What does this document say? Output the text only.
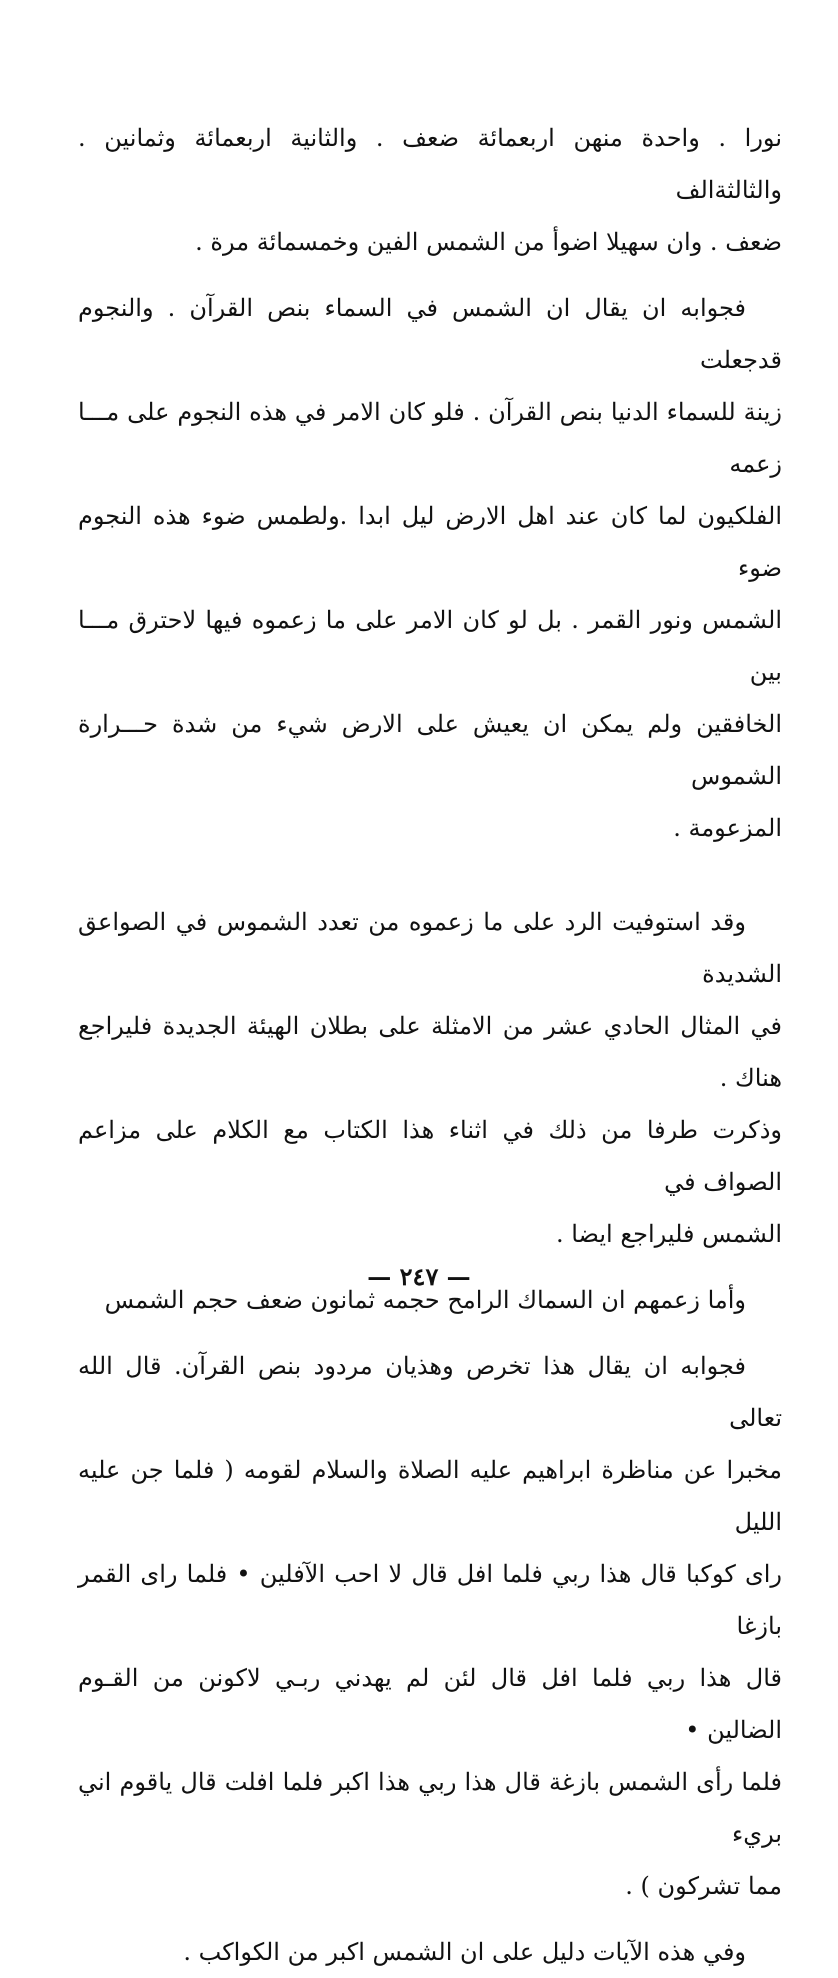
نورا . واحدة منهن اربعمائة ضعف . والثانية اربعمائة وثمانين . والثالثةالف
ضعف . وان سهيلا اضوأ من الشمس الفين وخمسمائة مرة .

فجوابه ان يقال ان الشمس في السماء بنص القرآن . والنجوم قدجعلت
زينة للسماء الدنيا بنص القرآن . فلو كان الامر في هذه النجوم على مـــا زعمه
الفلكيون لما كان عند اهل الارض ليل ابدا .ولطمس ضوء هذه النجوم ضوء
الشمس ونور القمر . بل لو كان الامر على ما زعموه فيها لاحترق مـــا بين
الخافقين ولم يمكن ان يعيش على الارض شيء من شدة حـــرارة الشموس
المزعومة .

وقد استوفيت الرد على ما زعموه من تعدد الشموس في الصواعق الشديدة
في المثال الحادي عشر من الامثلة على بطلان الهيئة الجديدة فليراجع هناك .
وذكرت طرفا من ذلك في اثناء هذا الكتاب مع الكلام على مزاعم الصواف في
الشمس فليراجع ايضا .

وأما زعمهم ان السماك الرامح حجمه ثمانون ضعف حجم الشمس

فجوابه ان يقال هذا تخرص وهذيان مردود بنص القرآن. قال الله تعالى
مخبرا عن مناظرة ابراهيم عليه الصلاة والسلام لقومه ( فلما جن عليه الليل
راى كوكبا قال هذا ربي فلما افل قال لا احب الآفلين • فلما راى القمر بازغا
قال هذا ربي فلما افل قال لئن لم يهدني ربـي لاكونن من القـوم الضالين •
فلما رأى الشمس بازغة قال هذا ربي هذا اكبر فلما افلت قال ياقوم اني بريء
مما تشركون ) .

وفي هذه الآيات دليل على ان الشمس اكبر من الكواكب .

— ٢٤٧ —
